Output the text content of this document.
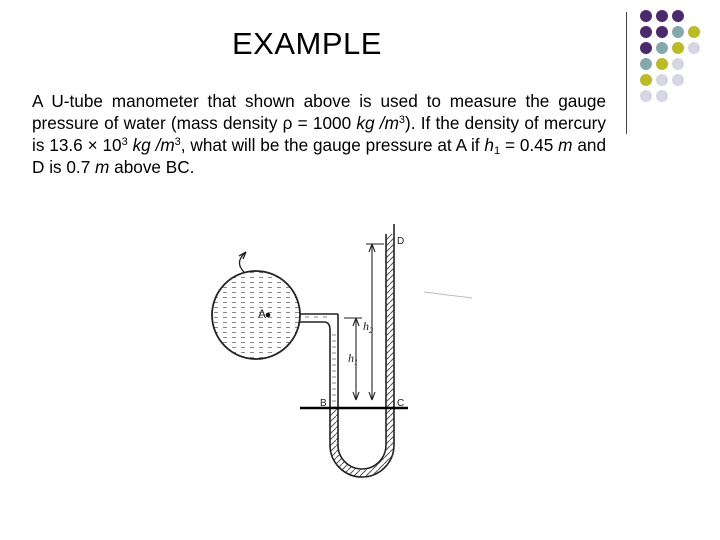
EXAMPLE
A U-tube manometer that shown above is used to measure the gauge pressure of water (mass density ρ = 1000 kg $/m^3$). If the density of mercury is $13.6 \times 10^3$ kg $/m^3$, what will be the gauge pressure at A if $h_1 = 0.45$ m and D is 0.7 m above BC.
A
B	C
D
$h_2$
$h_1$
